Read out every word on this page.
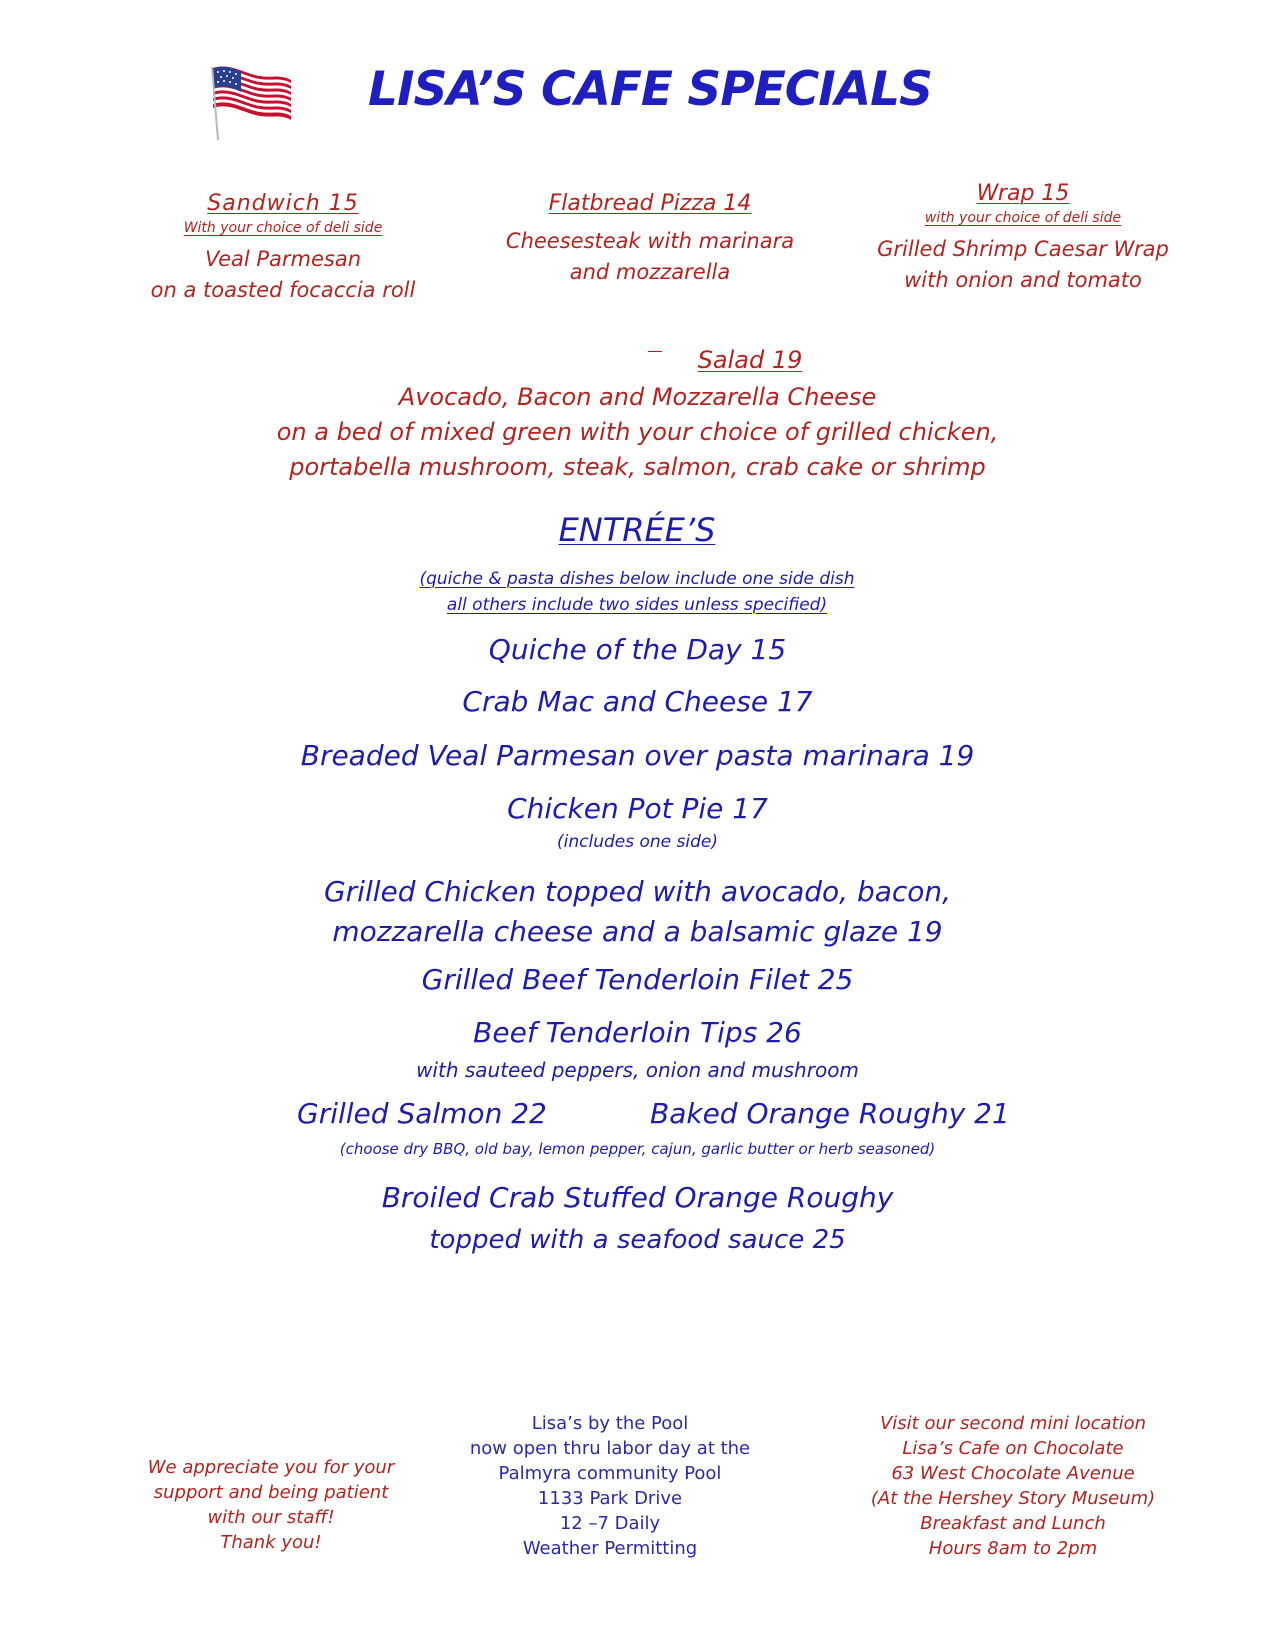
LISA’S CAFE SPECIALS
Sandwich 15
With your choice of deli side
Veal Parmesan
on a toasted focaccia roll
Flatbread Pizza 14
Cheesesteak with marinara
and mozzarella
Wrap 15
with your choice of deli side
Grilled Shrimp Caesar Wrap
with onion and tomato
Salad 19
Avocado, Bacon and Mozzarella Cheese
on a bed of mixed green with your choice of grilled chicken,
portabella mushroom, steak, salmon, crab cake or shrimp
ENTRÉE’S
(quiche & pasta dishes below include one side dish
all others include two sides unless specified)
Quiche of the Day 15
Crab Mac and Cheese 17
Breaded Veal Parmesan over pasta marinara 19
Chicken Pot Pie 17
(includes one side)
Grilled Chicken topped with avocado, bacon,
mozzarella cheese and a balsamic glaze 19
Grilled Beef Tenderloin Filet 25
Beef Tenderloin Tips 26
with sauteed peppers, onion and mushroom
Grilled Salmon 22	Baked Orange Roughy 21
(choose dry BBQ, old bay, lemon pepper, cajun, garlic butter or herb seasoned)
Broiled Crab Stuffed Orange Roughy
topped with a seafood sauce 25
We appreciate you for your
support and being patient
with our staff!
Thank you!
Lisa’s by the Pool
now open thru labor day at the
Palmyra community Pool
1133 Park Drive
12 –7 Daily
Weather Permitting
Visit our second mini location
Lisa’s Cafe on Chocolate
63 West Chocolate Avenue
(At the Hershey Story Museum)
Breakfast and Lunch
Hours 8am to 2pm
